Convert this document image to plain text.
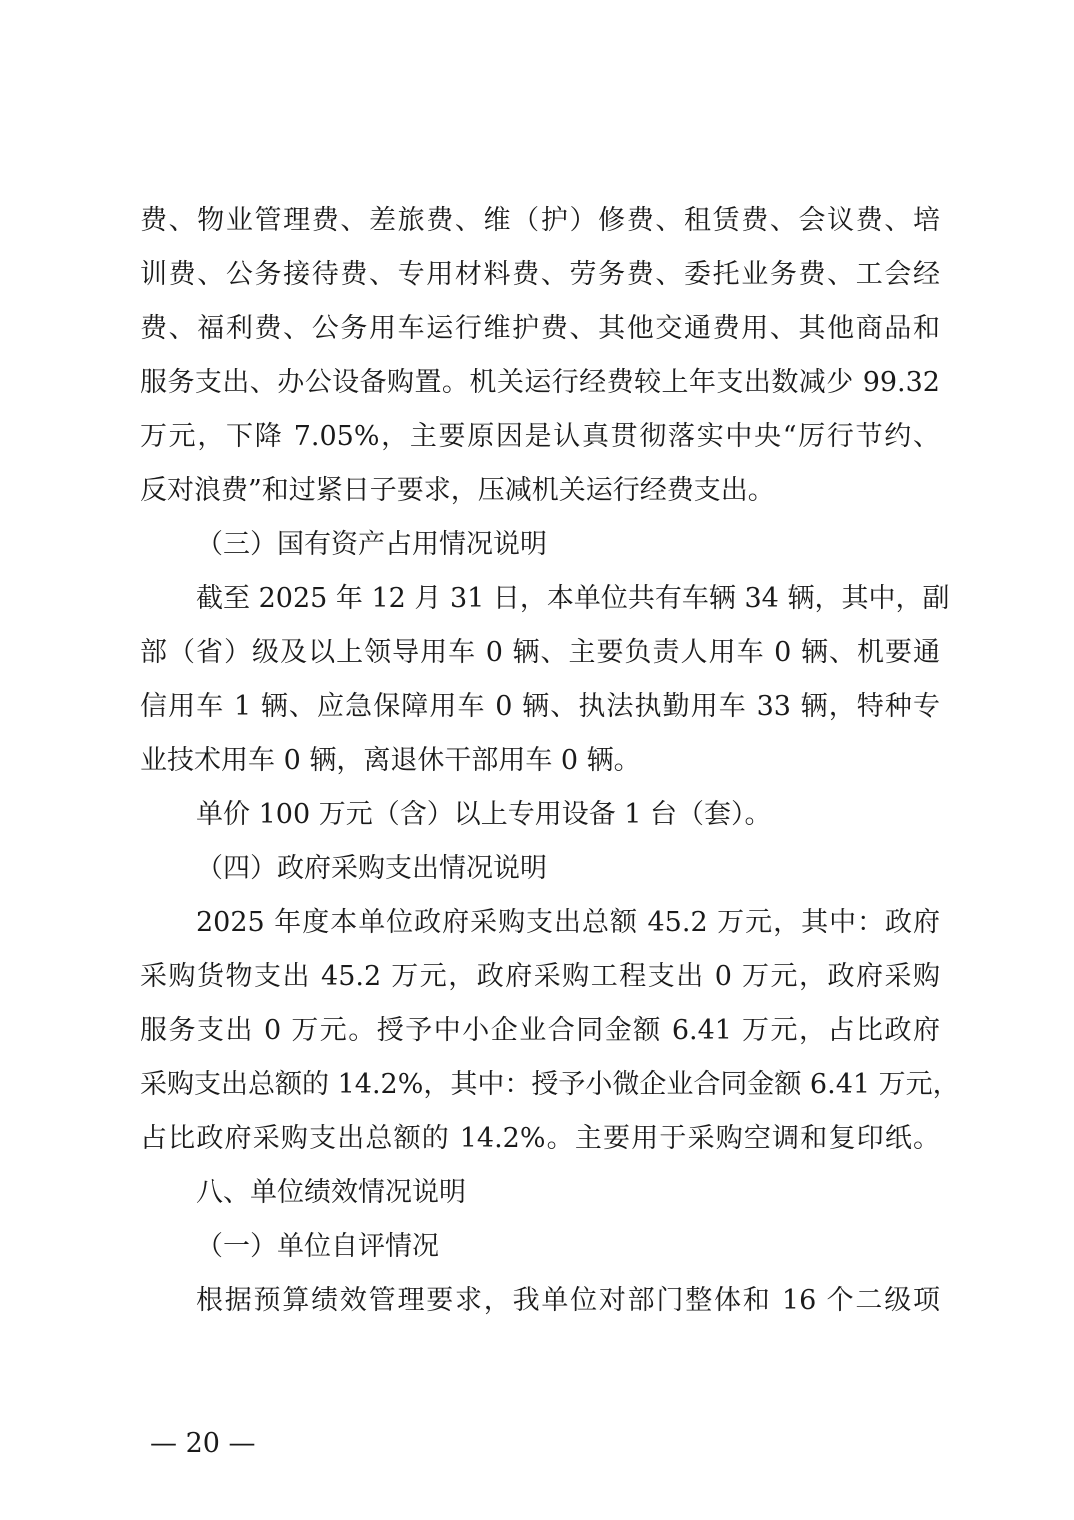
费、物业管理费、差旅费、维（护）修费、租赁费、会议费、培
训费、公务接待费、专用材料费、劳务费、委托业务费、工会经
费、福利费、公务用车运行维护费、其他交通费用、其他商品和
服务支出、办公设备购置。机关运行经费较上年支出数减少 99.32
万元，下降 7.05%，主要原因是认真贯彻落实中央“厉行节约、
反对浪费”和过紧日子要求，压减机关运行经费支出。
（三）国有资产占用情况说明
截至 2025 年 12 月 31 日，本单位共有车辆 34 辆，其中，副
部（省）级及以上领导用车 0 辆、主要负责人用车 0 辆、机要通
信用车 1 辆、应急保障用车 0 辆、执法执勤用车 33 辆，特种专
业技术用车 0 辆，离退休干部用车 0 辆。
单价 100 万元（含）以上专用设备 1 台（套）。
（四）政府采购支出情况说明
2025 年度本单位政府采购支出总额 45.2 万元，其中：政府
采购货物支出 45.2 万元，政府采购工程支出 0 万元，政府采购
服务支出 0 万元。授予中小企业合同金额 6.41 万元，占比政府
采购支出总额的 14.2%，其中：授予小微企业合同金额 6.41 万元，
占比政府采购支出总额的 14.2%。主要用于采购空调和复印纸。
八、单位绩效情况说明
（一）单位自评情况
根据预算绩效管理要求，我单位对部门整体和 16 个二级项
— 20 —
